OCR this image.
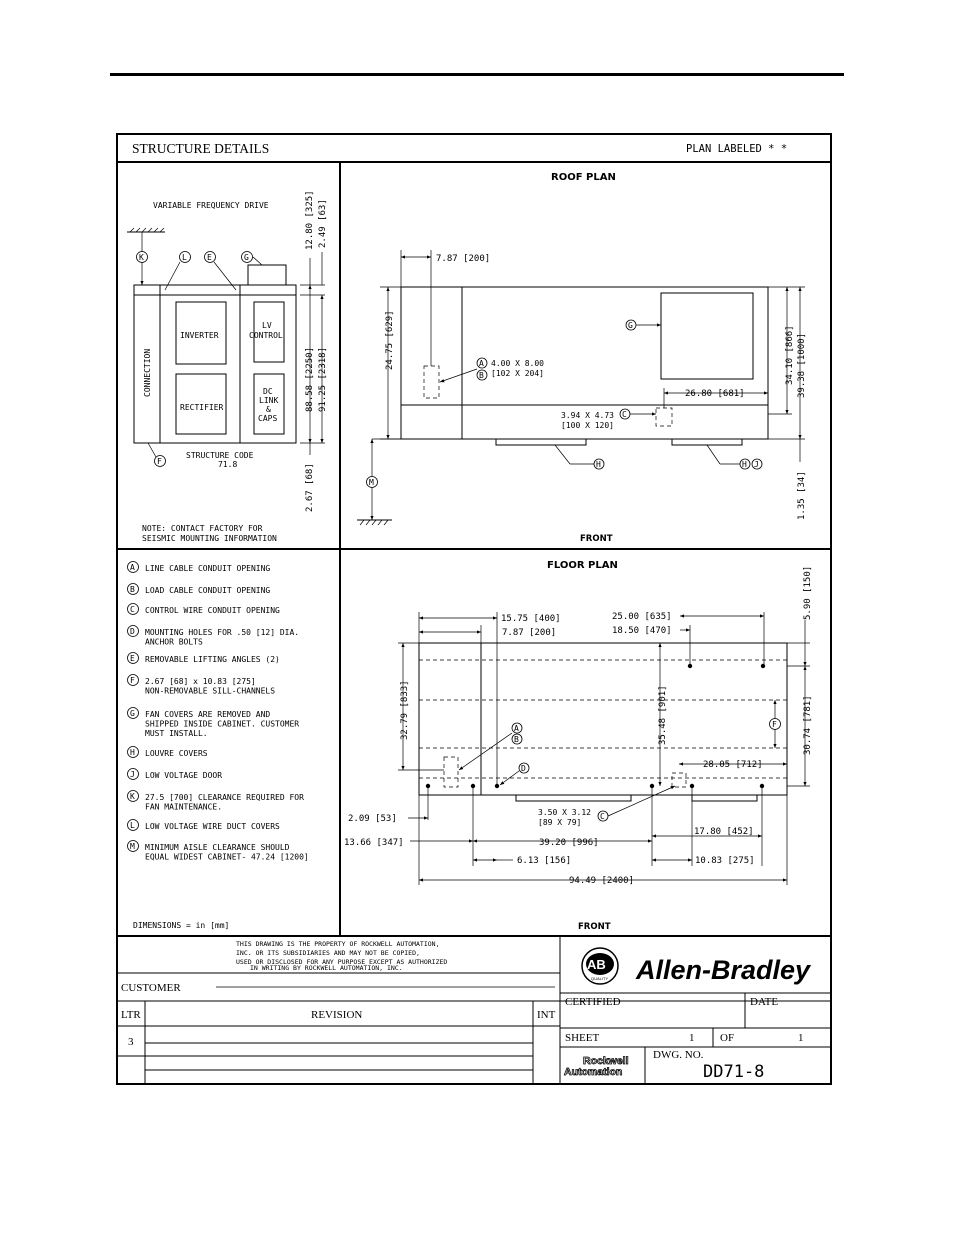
STRUCTURE DETAILS	PLAN LABELED * *
VARIABLE FREQUENCY DRIVE
CONNECTION
INVERTER
RECTIFIER
LV
CONTROL
DC
LINK
&
CAPS
K	L	E	G
F
STRUCTURE CODE
71.8
12.80 [325] 2.49 [63]
88.58 [2250] 91.25 [2318]
2.67 [68]
NOTE: CONTACT FACTORY FOR
SEISMIC MOUNTING INFORMATION
ROOF PLAN
7.87 [200]
24.75 [629]	A
B
4.00 X 8.00
[102 X 204]
G
3.94 X 4.73
[100 X 120]
C
26.80 [681]
34.10 [866] 39.38 [1000]
1.35 [34]
H	H J
M
FRONT
A LINE CABLE CONDUIT OPENING
B LOAD CABLE CONDUIT OPENING
C CONTROL WIRE CONDUIT OPENING
D MOUNTING HOLES FOR .50 [12] DIA.
ANCHOR BOLTS
E REMOVABLE LIFTING ANGLES (2)
F 2.67 [68] x 10.83 [275]
NON-REMOVABLE SILL-CHANNELS
G FAN COVERS ARE REMOVED AND
SHIPPED INSIDE CABINET. CUSTOMER
MUST INSTALL.
H LOUVRE COVERS
J LOW VOLTAGE DOOR
K 27.5 [700] CLEARANCE REQUIRED FOR
FAN MAINTENANCE.
L LOW VOLTAGE WIRE DUCT COVERS
M MINIMUM AISLE CLEARANCE SHOULD
EQUAL WIDEST CABINET- 47.24 [1200]
DIMENSIONS = in [mm]
FLOOR PLAN
15.75 [400]
7.87 [200]
25.00 [635]
18.50 [470]
32.79 [833]	35.48 [901]
5.90 [150]
30.74 [781]
F
28.05 [712]
A
B
D
3.50 X 3.12
[89 X 79]
C
2.09 [53]
13.66 [347]	39.20 [996]
6.13 [156]
17.80 [452]
10.83 [275]
94.49 [2400]
FRONT
THIS DRAWING IS THE PROPERTY OF ROCKWELL AUTOMATION,
INC. OR ITS SUBSIDIARIES AND MAY NOT BE COPIED,
USED OR DISCLOSED FOR ANY PURPOSE EXCEPT AS AUTHORIZED
IN WRITING BY ROCKWELL AUTOMATION, INC.
CUSTOMER
LTR	REVISION	INT
3
AB
QUALITY Allen-Bradley
CERTIFIED	DATE
SHEET	1 OF	1
Rockwell
Automation
DWG. NO.
DD71-8
